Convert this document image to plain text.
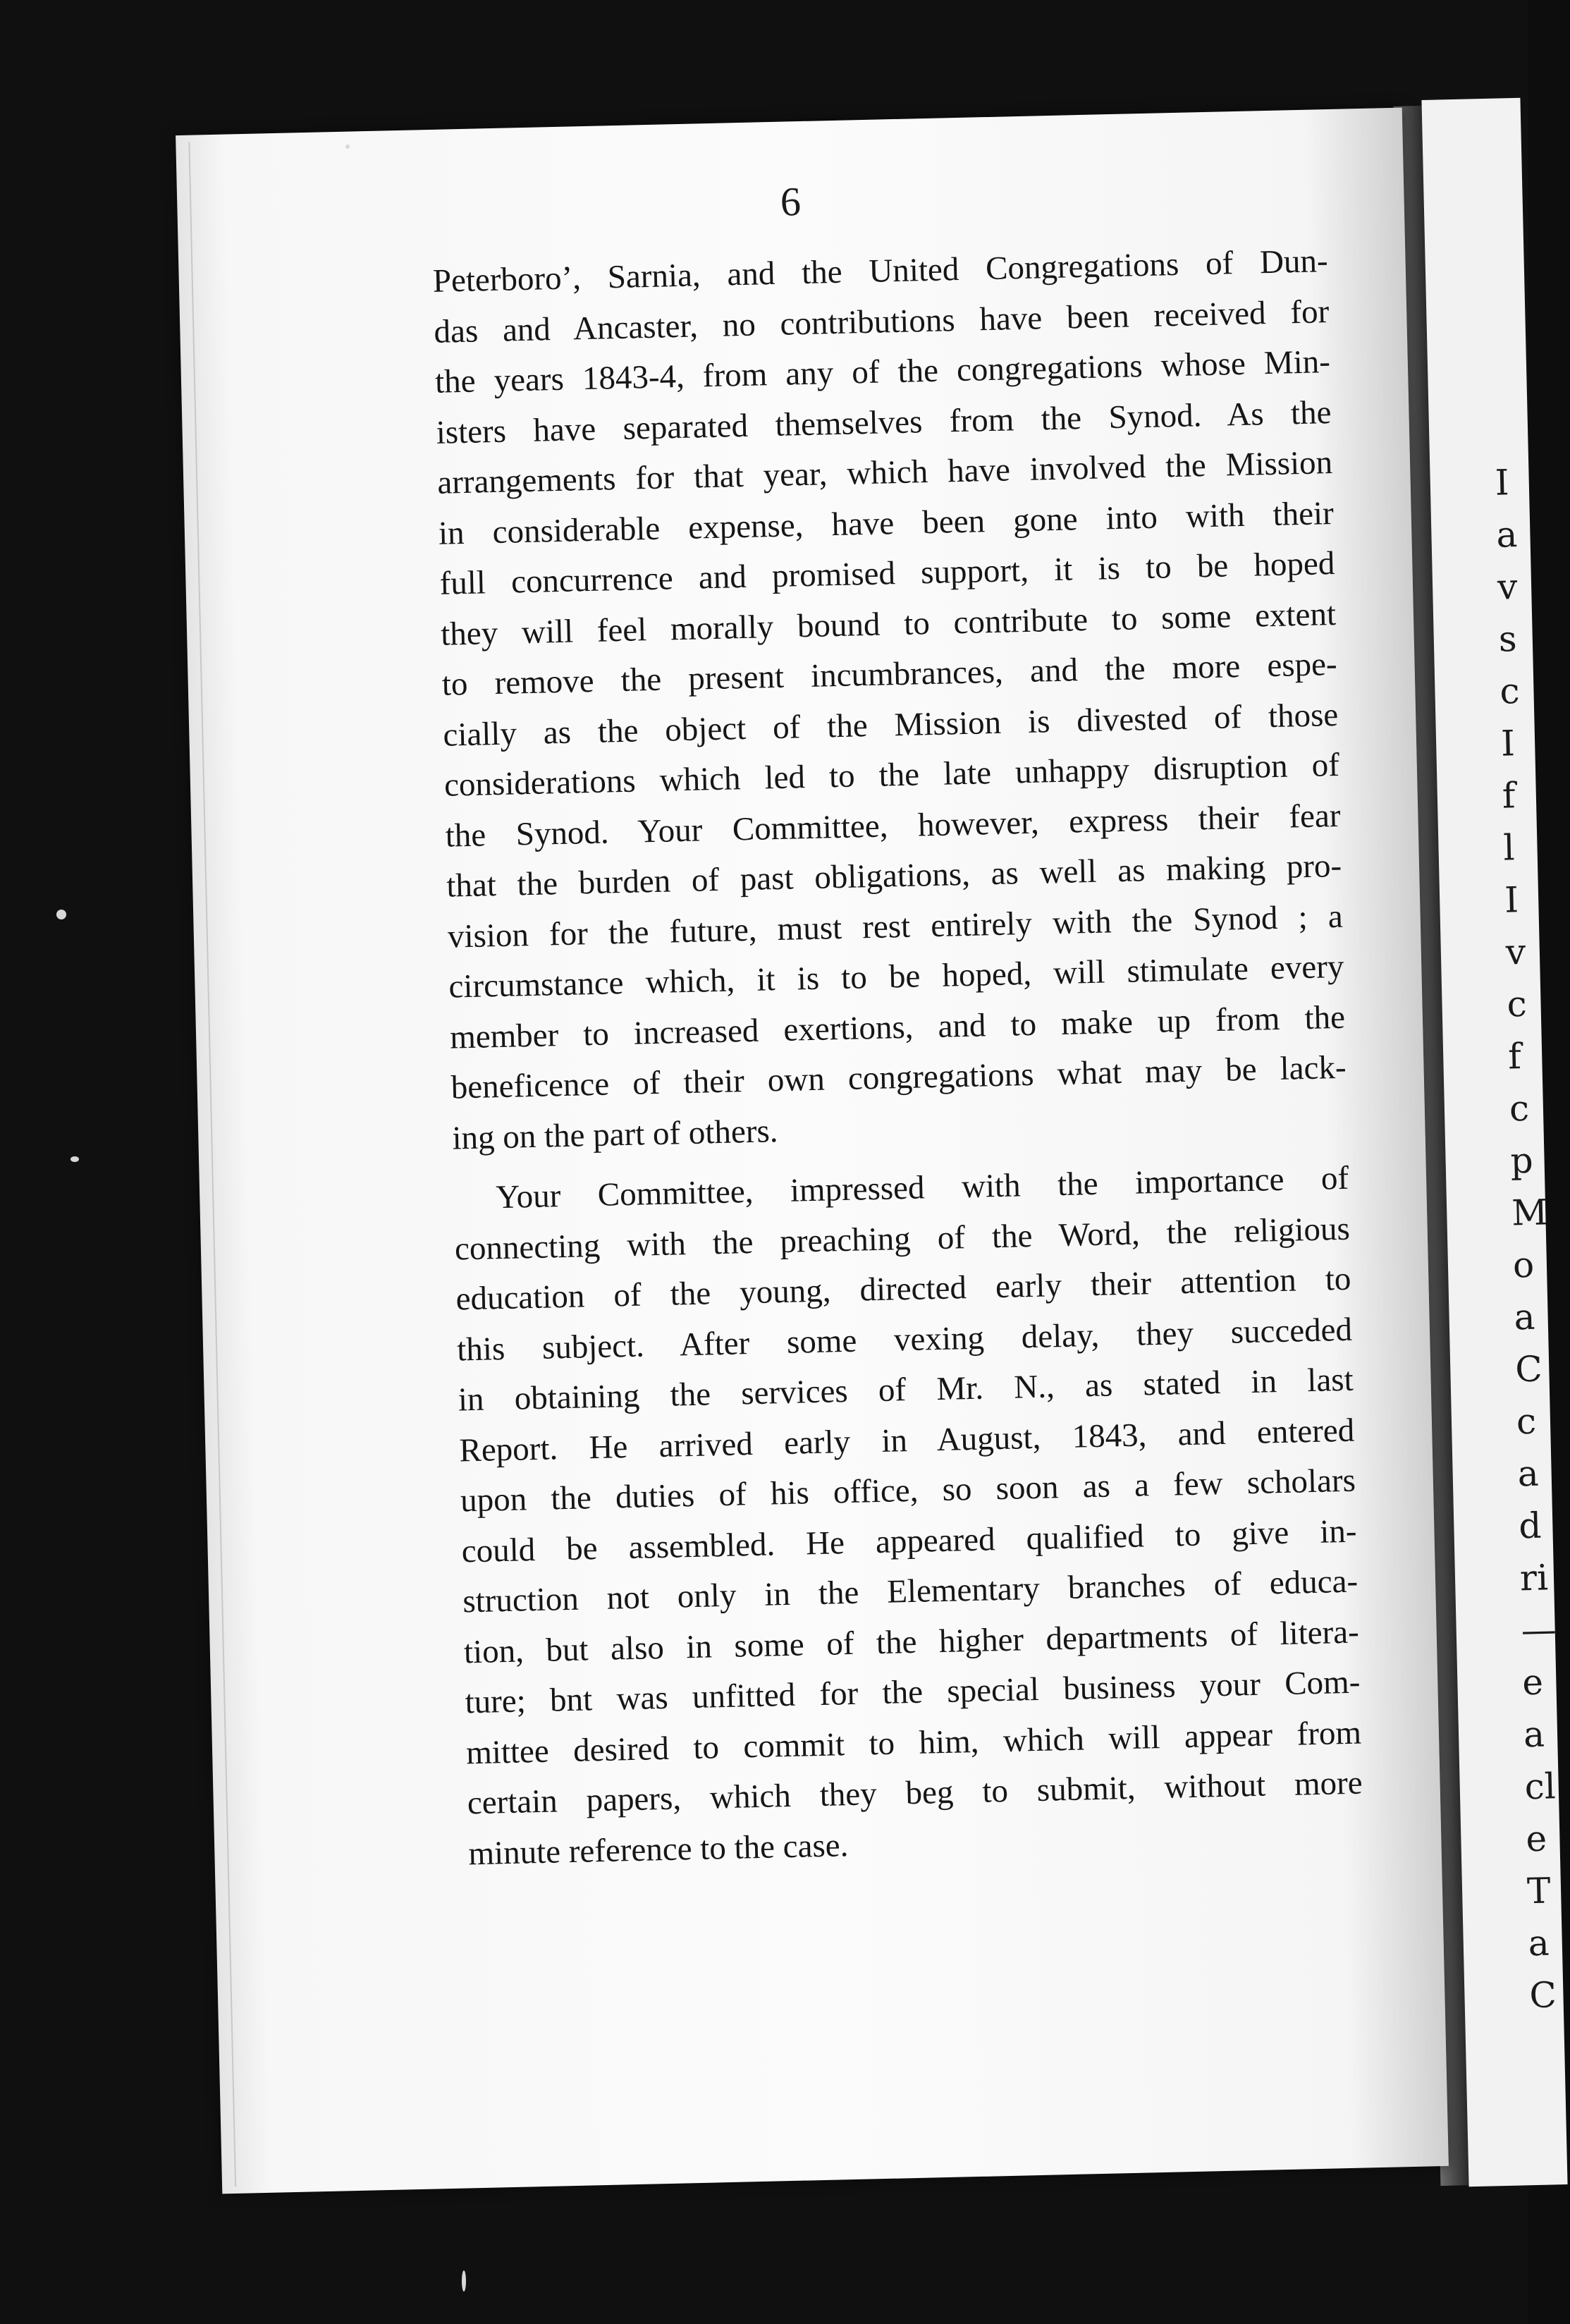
I
a
v
s
c
I
f
l
I
v
c
f
c
p
M
o
a
C
c
a
d
ri
—
e
a
cl
e
T
a
C
6
Peterboro’, Sarnia, and the United Congregations of Dun-
das and Ancaster, no contributions have been received for
the years 1843-4, from any of the congregations whose Min-
isters have separated themselves from the Synod. As the
arrangements for that year, which have involved the Mission
in considerable expense, have been gone into with their
full concurrence and promised support, it is to be hoped
they will feel morally bound to contribute to some extent
to remove the present incumbrances, and the more espe-
cially as the object of the Mission is divested of those
considerations which led to the late unhappy disruption of
the Synod. Your Committee, however, express their fear
that the burden of past obligations, as well as making pro-
vision for the future, must rest entirely with the Synod ; a
circumstance which, it is to be hoped, will stimulate every
member to increased exertions, and to make up from the
beneficence of their own congregations what may be lack-
ing on the part of others.
Your Committee, impressed with the importance of
connecting with the preaching of the Word, the religious
education of the young, directed early their attention to
this subject. After some vexing delay, they succeded
in obtaining the services of Mr. N., as stated in last
Report. He arrived early in August, 1843, and entered
upon the duties of his office, so soon as a few scholars
could be assembled. He appeared qualified to give in-
struction not only in the Elementary branches of educa-
tion, but also in some of the higher departments of litera-
ture; bnt was unfitted for the special business your Com-
mittee desired to commit to him, which will appear from
certain papers, which they beg to submit, without more
minute reference to the case.
